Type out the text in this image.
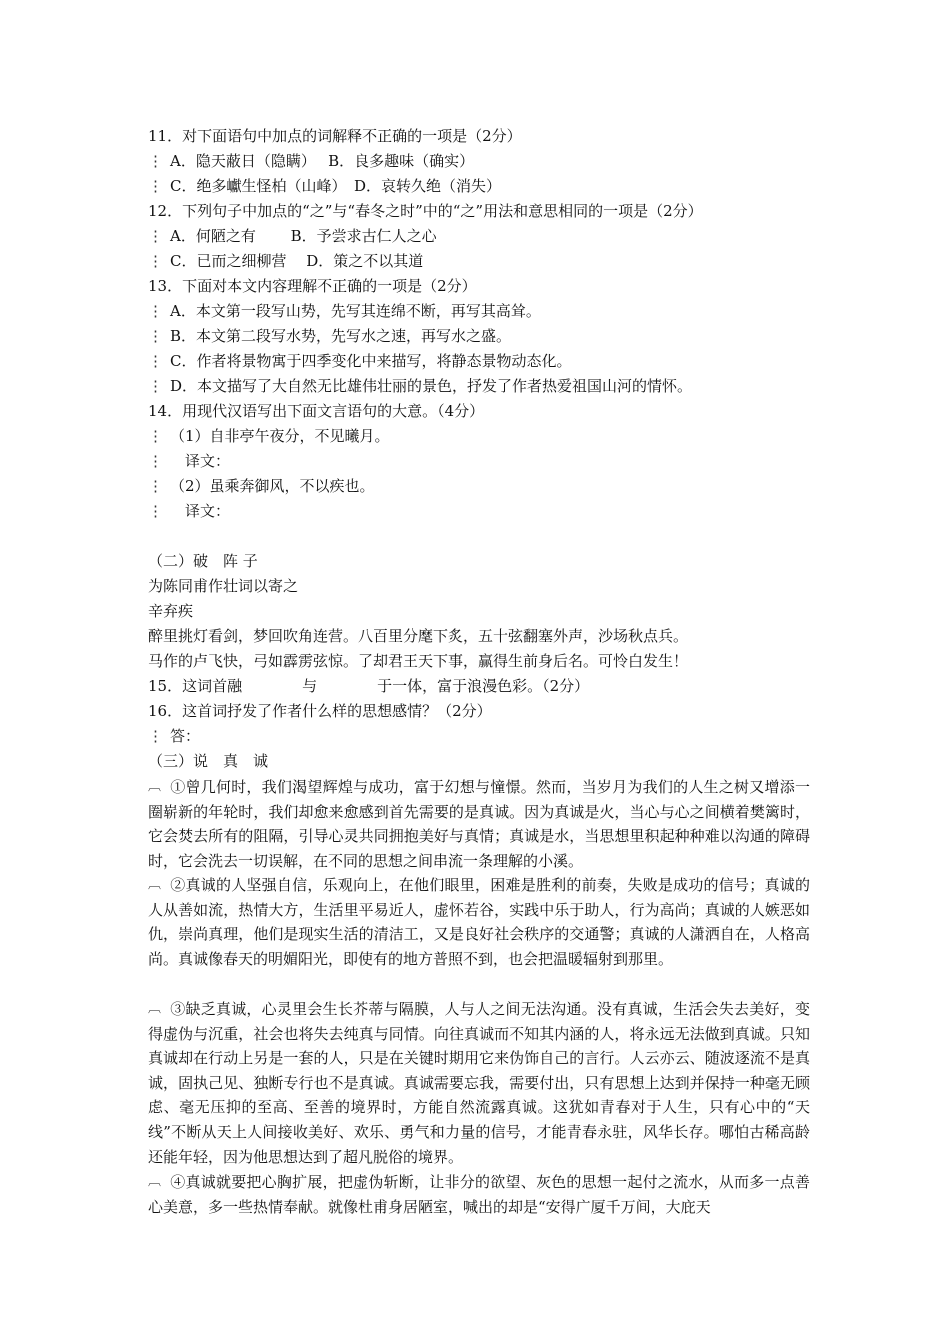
11．对下面语句中加点的词解释不正确的一项是（2分）
⋮ A．隐天蔽日（隐瞒）　 B．良多趣味（确实）
⋮ C．绝多巘生怪柏（山峰）　D．哀转久绝（消失）
12．下列句子中加点的“之”与“春冬之时”中的“之”用法和意思相同的一项是（2分）
⋮ A．何陋之有　　 B．予尝求古仁人之心
⋮ C．已而之细柳营　 D．策之不以其道
13．下面对本文内容理解不正确的一项是（2分）
⋮ A．本文第一段写山势，先写其连绵不断，再写其高耸。
⋮ B．本文第二段写水势，先写水之速，再写水之盛。
⋮ C．作者将景物寓于四季变化中来描写，将静态景物动态化。
⋮ D．本文描写了大自然无比雄伟壮丽的景色，抒发了作者热爱祖国山河的情怀。
14．用现代汉语写出下面文言语句的大意。（4分）
⋮ （1）自非亭午夜分，不见曦月。
⋮　 译文：
⋮ （2）虽乘奔御风，不以疾也。
⋮　 译文：
（二）破　阵 子
为陈同甫作壮词以寄之
辛弃疾
醉里挑灯看剑，梦回吹角连营。八百里分麾下炙，五十弦翻塞外声，沙场秋点兵。
马作的卢飞快，弓如霹雳弦惊。了却君王天下事，赢得生前身后名。可怜白发生！
15．这词首融　　　　与　　　　于一体，富于浪漫色彩。（2分）
16．这首词抒发了作者什么样的思想感情？（2分）
⋮ 答：
（三）说　真　诚
︹ ①曾几何时，我们渴望辉煌与成功，富于幻想与憧憬。然而，当岁月为我们的人生之树又增添一圈崭新的年轮时，我们却愈来愈感到首先需要的是真诚。因为真诚是火，当心与心之间横着樊篱时，它会焚去所有的阻隔，引导心灵共同拥抱美好与真情；真诚是水，当思想里积起种种难以沟通的障碍时，它会洗去一切误解，在不同的思想之间串流一条理解的小溪。
︹ ②真诚的人坚强自信，乐观向上，在他们眼里，困难是胜利的前奏，失败是成功的信号；真诚的人从善如流，热情大方，生活里平易近人，虚怀若谷，实践中乐于助人，行为高尚；真诚的人嫉恶如仇，崇尚真理，他们是现实生活的清洁工，又是良好社会秩序的交通警；真诚的人潇洒自在，人格高尚。真诚像春天的明媚阳光，即使有的地方普照不到，也会把温暖辐射到那里。
︹ ③缺乏真诚，心灵里会生长芥蒂与隔膜，人与人之间无法沟通。没有真诚，生活会失去美好，变得虚伪与沉重，社会也将失去纯真与同情。向往真诚而不知其内涵的人，将永远无法做到真诚。只知真诚却在行动上另是一套的人，只是在关键时期用它来伪饰自己的言行。人云亦云、随波逐流不是真诚，固执己见、独断专行也不是真诚。真诚需要忘我，需要付出，只有思想上达到并保持一种毫无顾虑、毫无压抑的至高、至善的境界时，方能自然流露真诚。这犹如青春对于人生，只有心中的“天线”不断从天上人间接收美好、欢乐、勇气和力量的信号，才能青春永驻，风华长存。哪怕古稀高龄还能年轻，因为他思想达到了超凡脱俗的境界。
︹ ④真诚就要把心胸扩展，把虚伪斩断，让非分的欲望、灰色的思想一起付之流水，从而多一点善心美意，多一些热情奉献。就像杜甫身居陋室，喊出的却是“安得广厦千万间，大庇天
